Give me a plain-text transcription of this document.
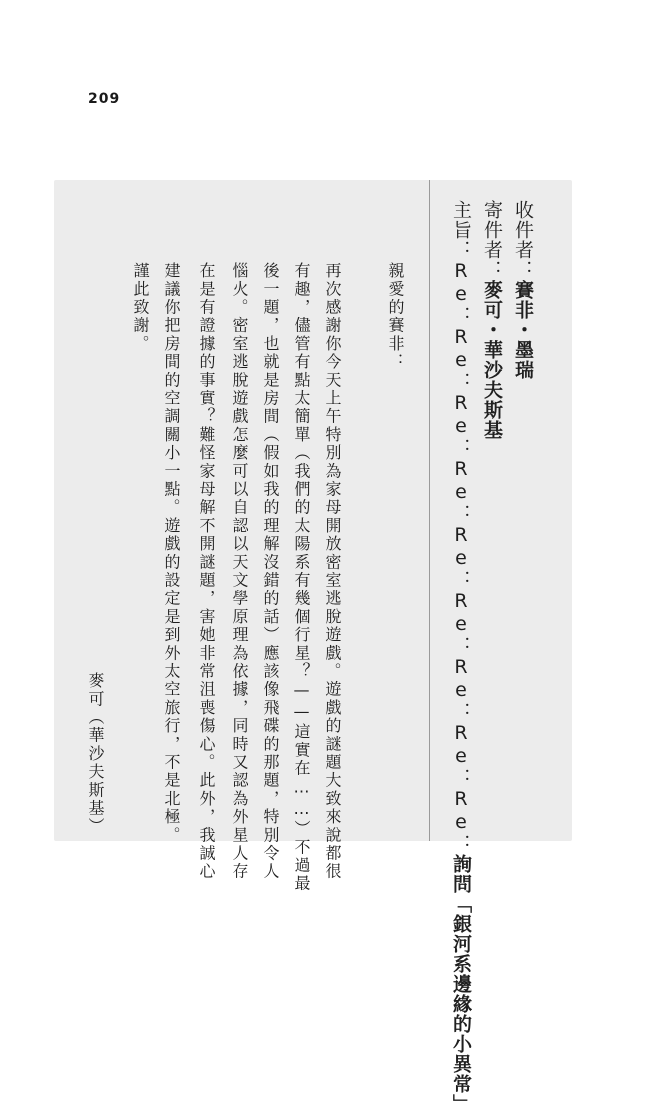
209
收件者：賽非・墨瑞
寄件者：麥可・華沙夫斯基
主旨：Re：Re：Re：Re：Re：Re：Re：Re：Re：詢問「銀河系邊緣的小異常」
親愛的賽非：
再次感謝你今天上午特別為家母開放密室逃脫遊戲。遊戲的謎題大致來說都很
有趣，儘管有點太簡單（我們的太陽系有幾個行星？——這實在……）不過最
後一題，也就是房間（假如我的理解沒錯的話）應該像飛碟的那題，特別令人
惱火。密室逃脫遊戲怎麼可以自認以天文學原理為依據，同時又認為外星人存
在是有證據的事實？難怪家母解不開謎題，害她非常沮喪傷心。此外，我誠心
建議你把房間的空調關小一點。遊戲的設定是到外太空旅行，不是北極。
謹此致謝。
麥可（華沙夫斯基）
